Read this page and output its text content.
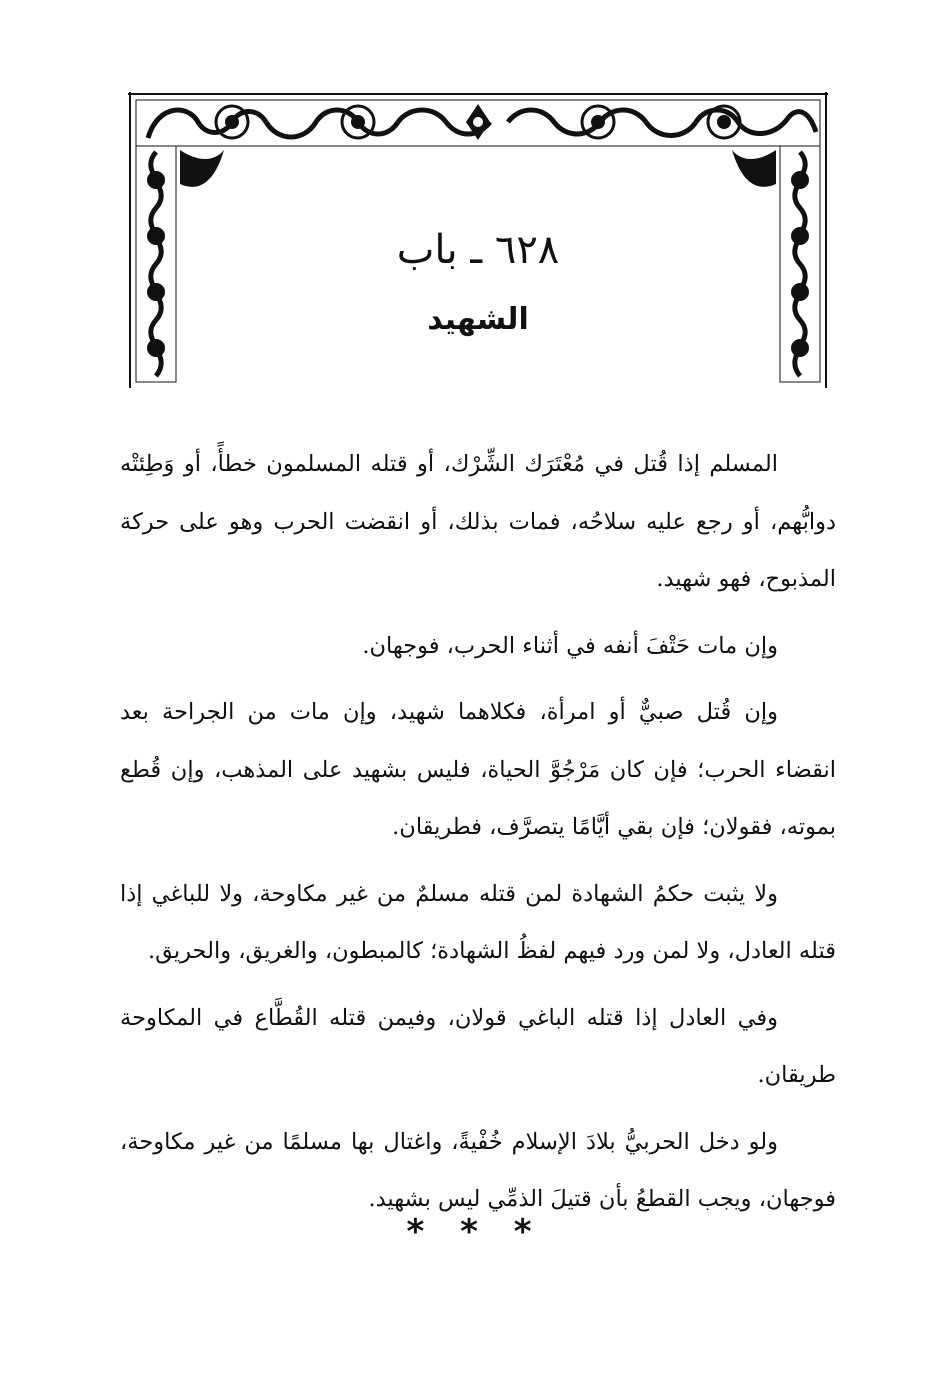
٦٢٨ ـ باب
الشهيد

المسلم إذا قُتل في مُعْتَرَك الشِّرْك، أو قتله المسلمون خطأً، أو وَطِئتْه دوابُّهم، أو رجع عليه سلاحُه، فمات بذلك، أو انقضت الحرب وهو على حركة المذبوح، فهو شهيد.

وإن مات حَتْفَ أنفه في أثناء الحرب، فوجهان.

وإن قُتل صبيٌّ أو امرأة، فكلاهما شهيد، وإن مات من الجراحة بعد انقضاء الحرب؛ فإن كان مَرْجُوَّ الحياة، فليس بشهيد على المذهب، وإن قُطع بموته، فقولان؛ فإن بقي أيَّامًا يتصرَّف، فطريقان.

ولا يثبت حكمُ الشهادة لمن قتله مسلمٌ من غير مكاوحة، ولا للباغي إذا قتله العادل، ولا لمن ورد فيهم لفظُ الشهادة؛ كالمبطون، والغريق، والحريق.

وفي العادل إذا قتله الباغي قولان، وفيمن قتله القُطَّاع في المكاوحة طريقان.

ولو دخل الحربيُّ بلادَ الإسلام خُفْيةً، واغتال بها مسلمًا من غير مكاوحة، فوجهان، ويجب القطعُ بأن قتيلَ الذمِّي ليس بشهيد.

* * *
